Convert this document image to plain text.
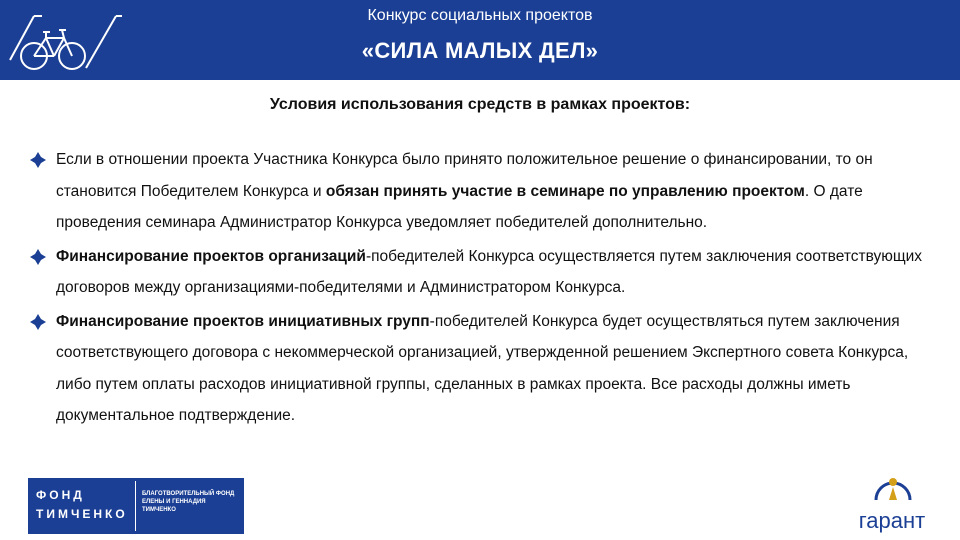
Конкурс социальных проектов
«СИЛА МАЛЫХ ДЕЛ»
Условия использования средств в рамках проектов:
Если в отношении проекта Участника Конкурса было принято положительное решение о финансировании, то он становится Победителем Конкурса и обязан принять участие в семинаре по управлению проектом. О дате проведения семинара Администратор Конкурса уведомляет победителей дополнительно.
Финансирование проектов организаций-победителей Конкурса осуществляется путем заключения соответствующих договоров между организациями-победителями и Администратором Конкурса.
Финансирование проектов инициативных групп-победителей Конкурса будет осуществляться путем заключения соответствующего договора с некоммерческой организацией, утвержденной решением Экспертного совета Конкурса, либо путем оплаты расходов инициативной группы, сделанных в рамках проекта. Все расходы должны иметь документальное подтверждение.
ФОНД
ТИМЧЕНКО
БЛАГОТВОРИТЕЛЬНЫЙ ФОНД
ЕЛЕНЫ И ГЕННАДИЯ
ТИМЧЕНКО	гарант
